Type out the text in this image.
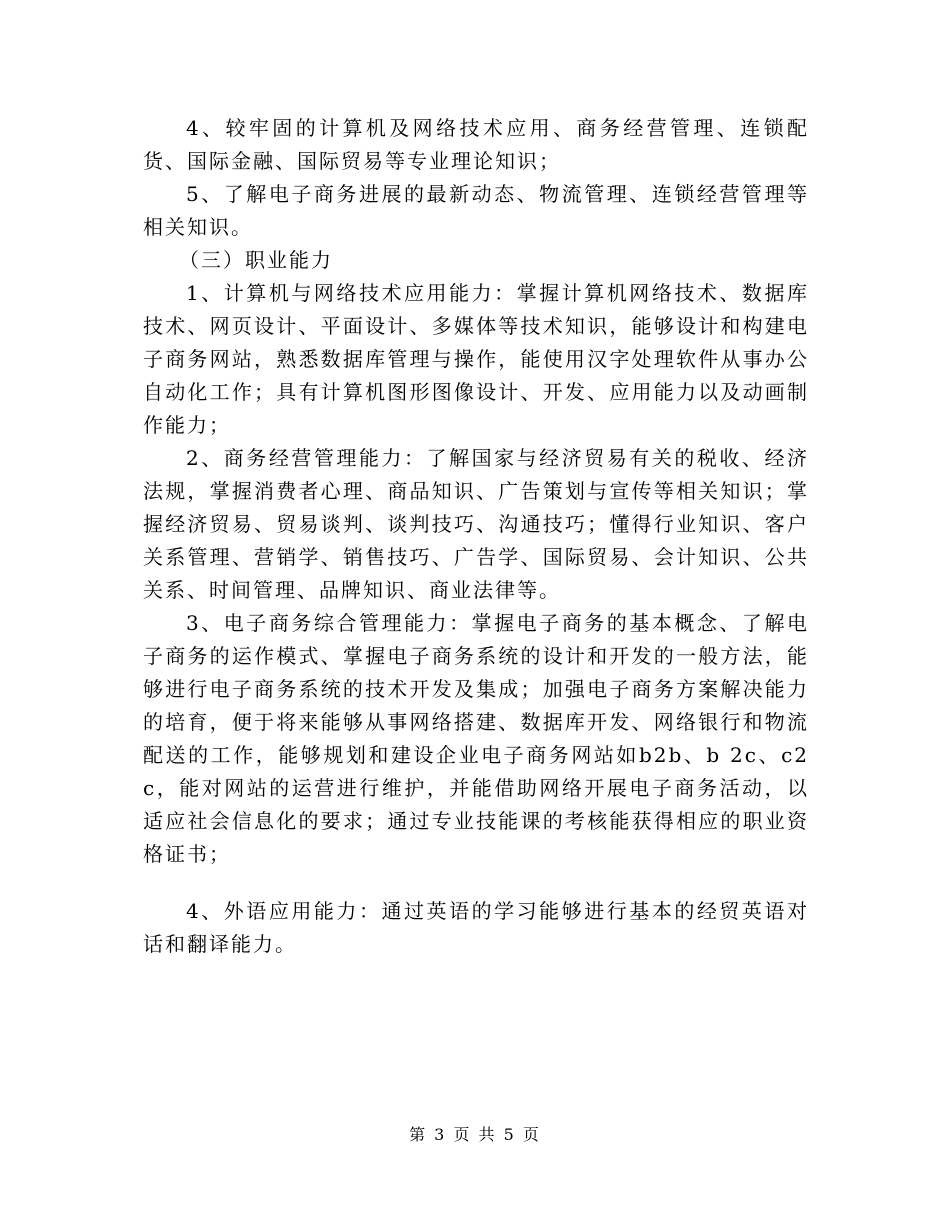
4、较牢固的计算机及网络技术应用、商务经营管理、连锁配货、国际金融、国际贸易等专业理论知识；

5、了解电子商务进展的最新动态、物流管理、连锁经营管理等相关知识。

（三）职业能力

1、计算机与网络技术应用能力：掌握计算机网络技术、数据库技术、网页设计、平面设计、多媒体等技术知识，能够设计和构建电子商务网站，熟悉数据库管理与操作，能使用汉字处理软件从事办公自动化工作；具有计算机图形图像设计、开发、应用能力以及动画制作能力；

2、商务经营管理能力：了解国家与经济贸易有关的税收、经济法规，掌握消费者心理、商品知识、广告策划与宣传等相关知识；掌握经济贸易、贸易谈判、谈判技巧、沟通技巧；懂得行业知识、客户关系管理、营销学、销售技巧、广告学、国际贸易、会计知识、公共关系、时间管理、品牌知识、商业法律等。

3、电子商务综合管理能力：掌握电子商务的基本概念、了解电子商务的运作模式、掌握电子商务系统的设计和开发的一般方法，能够进行电子商务系统的技术开发及集成；加强电子商务方案解决能力的培育，便于将来能够从事网络搭建、数据库开发、网络银行和物流配送的工作，能够规划和建设企业电子商务网站如b2b、b 2c、c2c，能对网站的运营进行维护，并能借助网络开展电子商务活动，以适应社会信息化的要求；通过专业技能课的考核能获得相应的职业资格证书；

4、外语应用能力：通过英语的学习能够进行基本的经贸英语对话和翻译能力。

第 3 页 共 5 页
